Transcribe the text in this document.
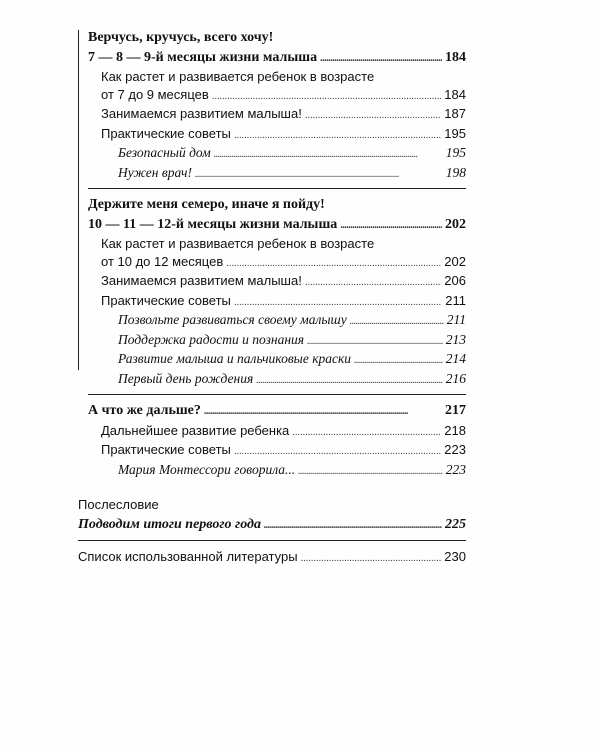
Верчусь, кручусь, всего хочу!
7 — 8 — 9-й месяцы жизни малыша . . .	184
Как растет и развивается ребенок в возрасте
от 7 до 9 месяцев . . .	184
Занимаемся развитием малыша! . . .	187
Практические советы . . .	195
Безопасный дом . . .	195
Нужен врач! . . .	198
Держите меня семеро, иначе я пойду!
10 — 11 — 12-й месяцы жизни малыша . . .	202
Как растет и развивается ребенок в возрасте
от 10 до 12 месяцев . . .	202
Занимаемся развитием малыша! . . .	206
Практические советы . . .	211
Позвольте развиваться своему малышу . . .	211
Поддержка радости и познания . . .	213
Развитие малыша и пальчиковые краски . . .	214
Первый день рождения . . .	216
А что же дальше? . . .	217
Дальнейшее развитие ребенка . . .	218
Практические советы . . .	223
Мария Монтессори говорила... . . .	223
Послесловие
Подводим итоги первого года . . .	225
Список использованной литературы . . .	230
